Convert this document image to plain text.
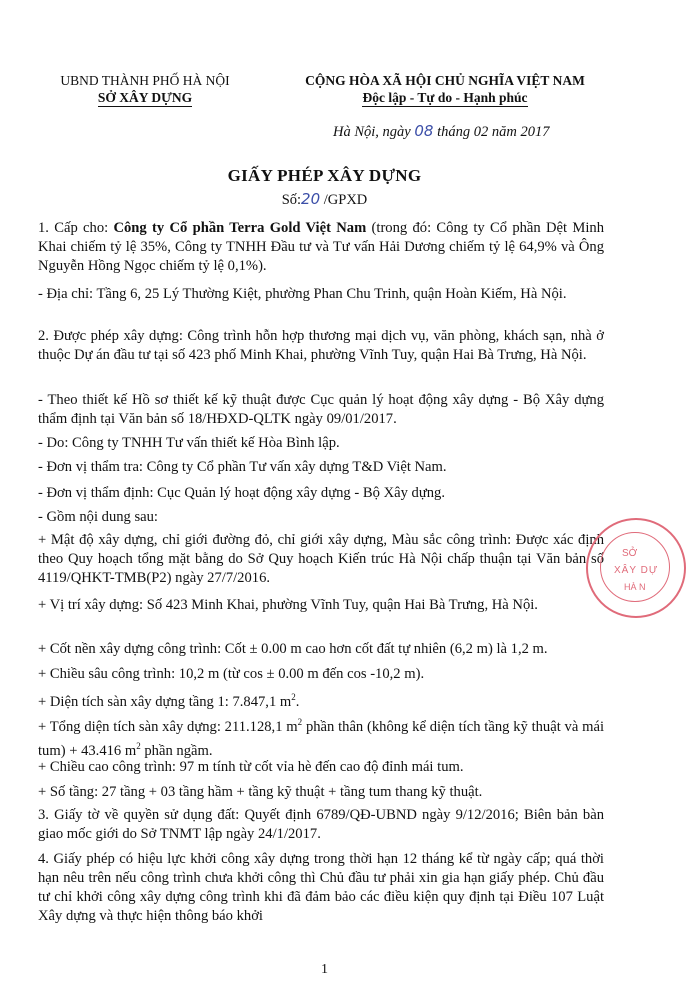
UBND THÀNH PHỐ HÀ NỘI
SỞ XÂY DỰNG
CỘNG HÒA XÃ HỘI CHỦ NGHĨA VIỆT NAM
Độc lập - Tự do - Hạnh phúc
Hà Nội, ngày 08 tháng 02 năm 2017
GIẤY PHÉP XÂY DỰNG
Số:20 /GPXD
1. Cấp cho: Công ty Cổ phần Terra Gold Việt Nam (trong đó: Công ty Cổ phần Dệt Minh Khai chiếm tỷ lệ 35%, Công ty TNHH Đầu tư và Tư vấn Hải Dương chiếm tỷ lệ 64,9% và Ông Nguyễn Hồng Ngọc chiếm tỷ lệ 0,1%).
- Địa chỉ: Tầng 6, 25 Lý Thường Kiệt, phường Phan Chu Trinh, quận Hoàn Kiếm, Hà Nội.
2. Được phép xây dựng: Công trình hỗn hợp thương mại dịch vụ, văn phòng, khách sạn, nhà ở thuộc Dự án đầu tư tại số 423 phố Minh Khai, phường Vĩnh Tuy, quận Hai Bà Trưng, Hà Nội.
- Theo thiết kế Hồ sơ thiết kế kỹ thuật được Cục quản lý hoạt động xây dựng - Bộ Xây dựng thẩm định tại Văn bản số 18/HĐXD-QLTK ngày 09/01/2017.
- Do: Công ty TNHH Tư vấn thiết kế Hòa Bình lập.
- Đơn vị thẩm tra: Công ty Cổ phần Tư vấn xây dựng T&D Việt Nam.
- Đơn vị thẩm định: Cục Quản lý hoạt động xây dựng - Bộ Xây dựng.
- Gồm nội dung sau:
+ Mật độ xây dựng, chỉ giới đường đỏ, chỉ giới xây dựng, Màu sắc công trình: Được xác định theo Quy hoạch tổng mặt bằng do Sở Quy hoạch Kiến trúc Hà Nội chấp thuận tại Văn bản số 4119/QHKT-TMB(P2) ngày 27/7/2016.
+ Vị trí xây dựng: Số 423 Minh Khai, phường Vĩnh Tuy, quận Hai Bà Trưng, Hà Nội.
+ Cốt nền xây dựng công trình: Cốt ± 0.00 m cao hơn cốt đất tự nhiên (6,2 m) là 1,2 m.
+ Chiều sâu công trình: 10,2 m (từ cos ± 0.00 m đến cos -10,2 m).
+ Diện tích sàn xây dựng tầng 1: 7.847,1 $m^2$.
+ Tổng diện tích sàn xây dựng: 211.128,1 $m^2$ phần thân (không kể diện tích tầng kỹ thuật và mái tum) + 43.416 $m^2$ phần ngầm.
+ Chiều cao công trình: 97 m tính từ cốt vỉa hè đến cao độ đỉnh mái tum.
+ Số tầng: 27 tầng + 03 tầng hầm + tầng kỹ thuật + tầng tum thang kỹ thuật.
3. Giấy tờ về quyền sử dụng đất: Quyết định 6789/QĐ-UBND ngày 9/12/2016; Biên bản bàn giao mốc giới do Sở TNMT lập ngày 24/1/2017.
4. Giấy phép có hiệu lực khởi công xây dựng trong thời hạn 12 tháng kể từ ngày cấp; quá thời hạn nêu trên nếu công trình chưa khởi công thì Chủ đầu tư phải xin gia hạn giấy phép. Chủ đầu tư chỉ khởi công xây dựng công trình khi đã đảm bảo các điều kiện quy định tại Điều 107 Luật Xây dựng và thực hiện thông báo khởi
SỞ
XÂY DỰ
HÀ N
1
